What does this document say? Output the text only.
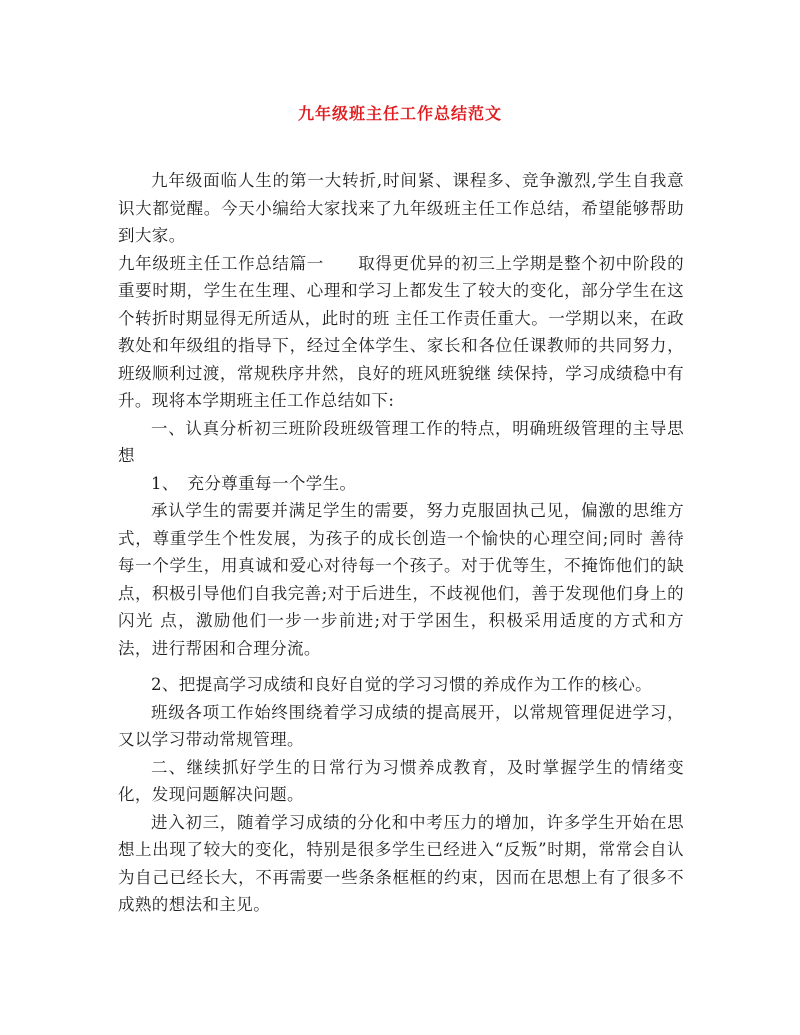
九年级班主任工作总结范文

九年级面临人生的第一大转折,时间紧、课程多、竞争激烈,学生自我意识大都觉醒。今天小编给大家找来了九年级班主任工作总结，希望能够帮助到大家。

九年级班主任工作总结篇一　　取得更优异的初三上学期是整个初中阶段的重要时期，学生在生理、心理和学习上都发生了较大的变化，部分学生在这个转折时期显得无所适从，此时的班 主任工作责任重大。一学期以来，在政教处和年级组的指导下，经过全体学生、家长和各位任课教师的共同努力，班级顺利过渡，常规秩序井然，良好的班风班貌继 续保持，学习成绩稳中有升。现将本学期班主任工作总结如下:

一、认真分析初三班阶段班级管理工作的特点，明确班级管理的主导思想

1、　充分尊重每一个学生。

承认学生的需要并满足学生的需要，努力克服固执己见，偏激的思维方式，尊重学生个性发展，为孩子的成长创造一个愉快的心理空间;同时 善待每一个学生，用真诚和爱心对待每一个孩子。对于优等生，不掩饰他们的缺点，积极引导他们自我完善;对于后进生，不歧视他们，善于发现他们身上的闪光 点，激励他们一步一步前进;对于学困生，积极采用适度的方式和方法，进行帮困和合理分流。

2、把提高学习成绩和良好自觉的学习习惯的养成作为工作的核心。

班级各项工作始终围绕着学习成绩的提高展开，以常规管理促进学习，又以学习带动常规管理。

二、继续抓好学生的日常行为习惯养成教育，及时掌握学生的情绪变化，发现问题解决问题。

进入初三，随着学习成绩的分化和中考压力的增加，许多学生开始在思想上出现了较大的变化，特别是很多学生已经进入“反叛”时期，常常会自认为自己已经长大，不再需要一些条条框框的约束，因而在思想上有了很多不成熟的想法和主见。
